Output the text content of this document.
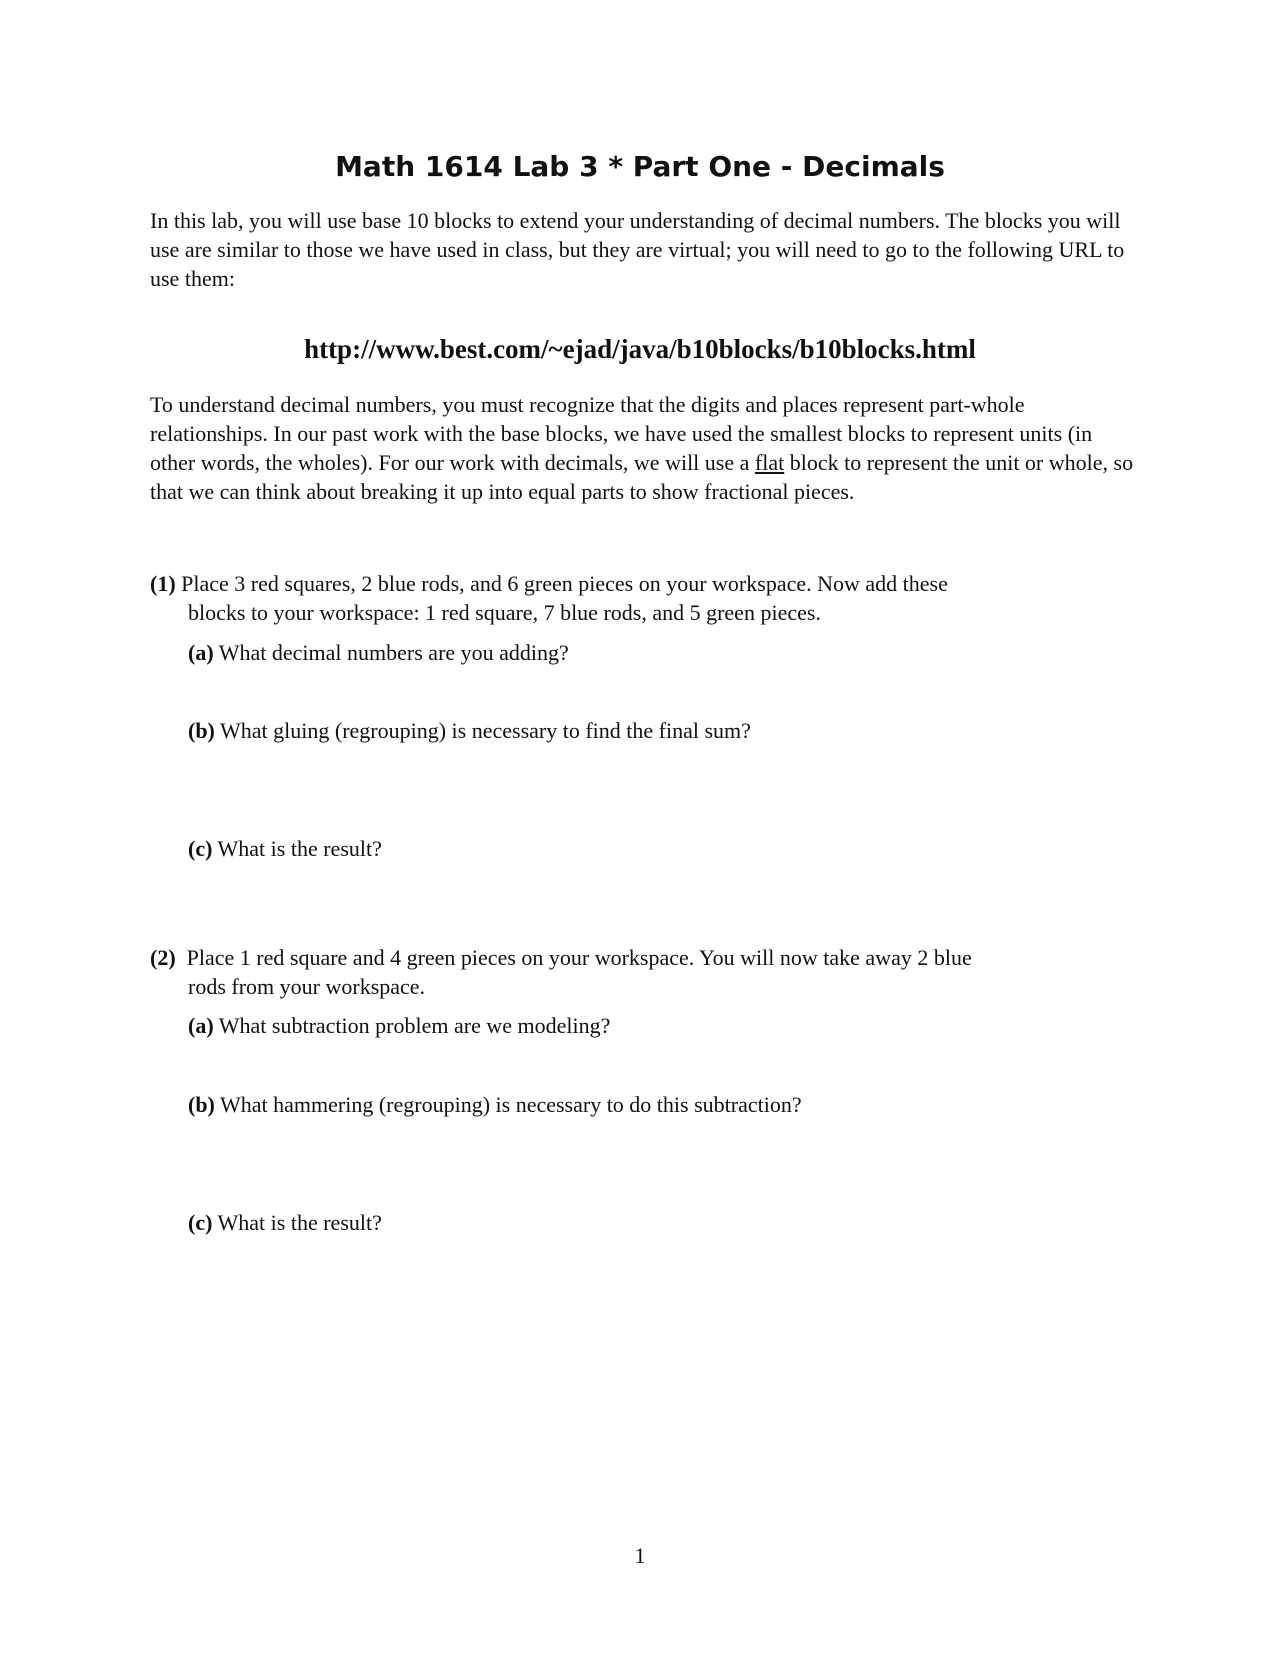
Math 1614 Lab 3 * Part One - Decimals

In this lab, you will use base 10 blocks to extend your understanding of decimal numbers. The blocks you will use are similar to those we have used in class, but they are virtual; you will need to go to the following URL to use them:

http://www.best.com/~ejad/java/b10blocks/b10blocks.html

To understand decimal numbers, you must recognize that the digits and places represent part-whole relationships. In our past work with the base blocks, we have used the smallest blocks to represent units (in other words, the wholes). For our work with decimals, we will use a flat block to represent the unit or whole, so that we can think about breaking it up into equal parts to show fractional pieces.

(1) Place 3 red squares, 2 blue rods, and 6 green pieces on your workspace. Now add these

blocks to your workspace: 1 red square, 7 blue rods, and 5 green pieces.

(a) What decimal numbers are you adding?

(b) What gluing (regrouping) is necessary to find the final sum?

(c) What is the result?

(2) Place 1 red square and 4 green pieces on your workspace. You will now take away 2 blue

rods from your workspace.

(a) What subtraction problem are we modeling?

(b) What hammering (regrouping) is necessary to do this subtraction?

(c) What is the result?

1
